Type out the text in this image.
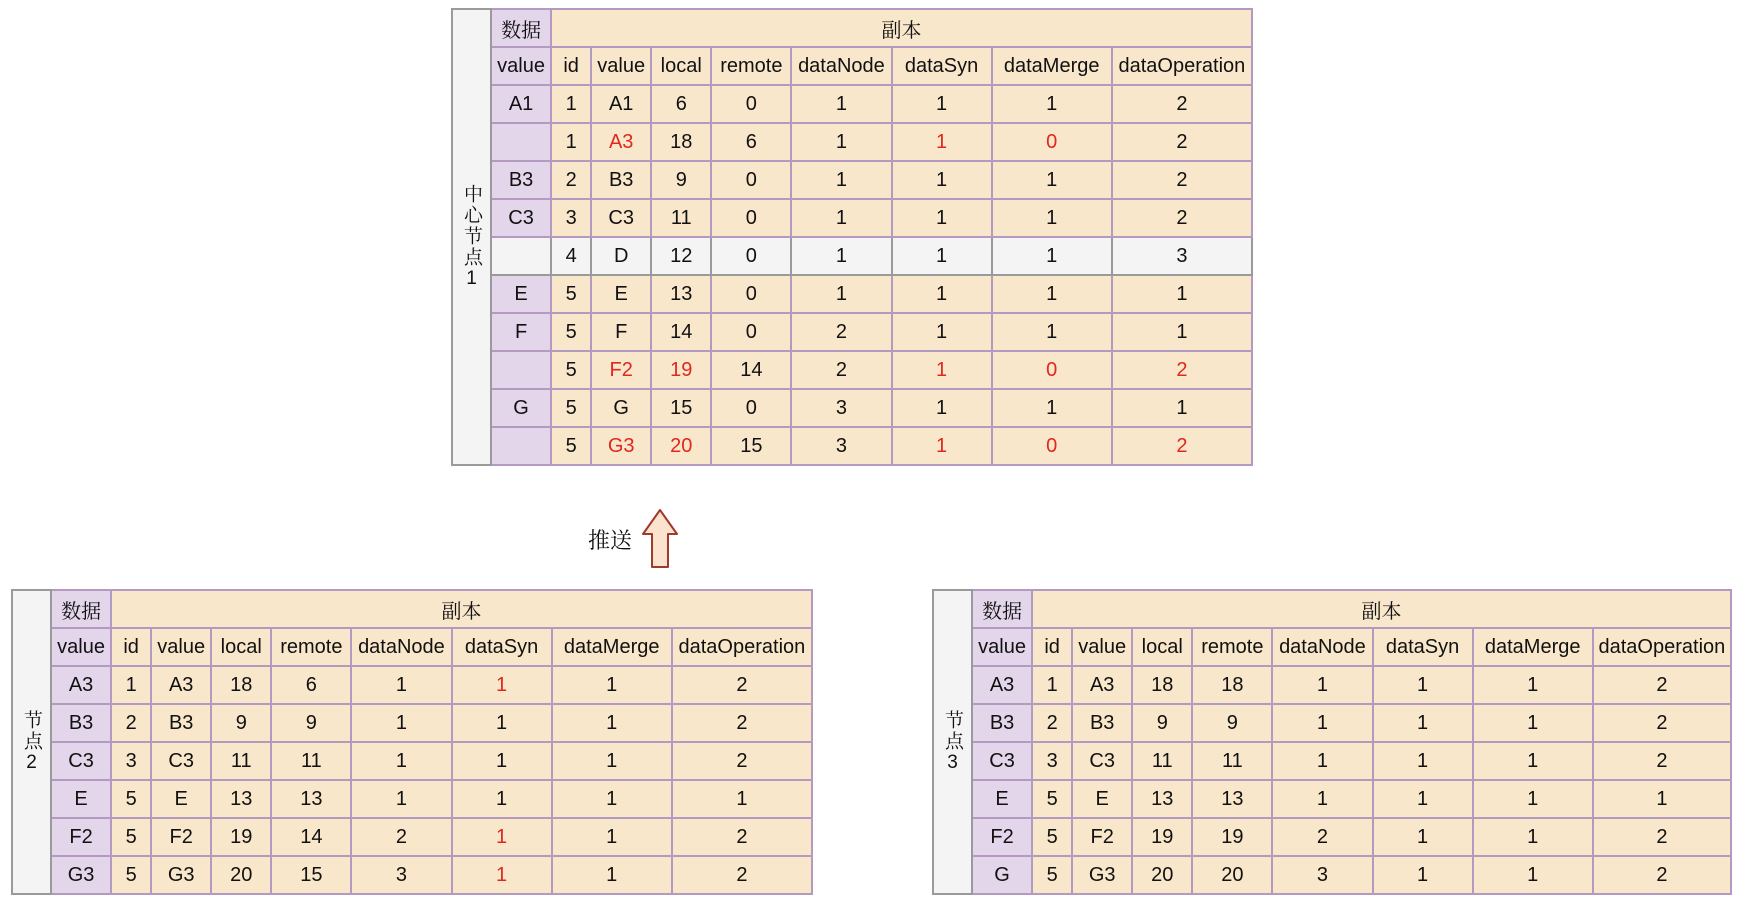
中心节点1	数据	副本							
	value	id	value	local	remote	dataNode	dataSyn	dataMerge	dataOperation
	A1	1	A1	6	0	1	1	1	2
		1	A3	18	6	1	1	0	2
	B3	2	B3	9	0	1	1	1	2
	C3	3	C3	11	0	1	1	1	2
		4	D	12	0	1	1	1	3
	E	5	E	13	0	1	1	1	1
	F	5	F	14	0	2	1	1	1
		5	F2	19	14	2	1	0	2
	G	5	G	15	0	3	1	1	1
		5	G3	20	15	3	1	0	2
节点2	数据	副本							
	value	id	value	local	remote	dataNode	dataSyn	dataMerge	dataOperation
	A3	1	A3	18	6	1	1	1	2
	B3	2	B3	9	9	1	1	1	2
	C3	3	C3	11	11	1	1	1	2
	E	5	E	13	13	1	1	1	1
	F2	5	F2	19	14	2	1	1	2
	G3	5	G3	20	15	3	1	1	2
节点3	数据	副本							
	value	id	value	local	remote	dataNode	dataSyn	dataMerge	dataOperation
	A3	1	A3	18	18	1	1	1	2
	B3	2	B3	9	9	1	1	1	2
	C3	3	C3	11	11	1	1	1	2
	E	5	E	13	13	1	1	1	1
	F2	5	F2	19	19	2	1	1	2
	G	5	G3	20	20	3	1	1	2
推送
